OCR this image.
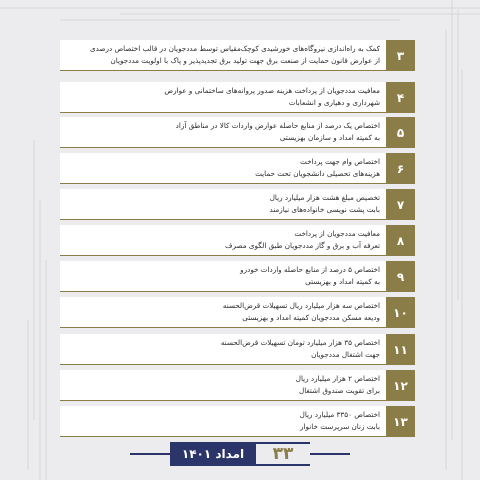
کمک به راه‌اندازی نیروگاه‌های خورشیدی کوچک‌مقیاس توسط مددجویان در قالب اختصاص درصدی
از عوارض قانون حمایت از صنعت برق جهت تولید برق تجدیدپذیر و پاک با اولویت مددجویان	۳
معافیت مددجویان از پرداخت هزینه صدور پروانه‌های ساختمانی و عوارض
شهرداری و دهیاری و انشعابات	۴
اختصاص یک درصد از منابع حاصله عوارض واردات کالا در مناطق آزاد
به کمیته امداد و سازمان بهزیستی	۵
اختصاص وام جهت پرداخت
هزینه‌های تحصیلی دانشجویان تحت حمایت	۶
تخصیص مبلغ هشت هزار میلیارد ریال
بابت پشت نویسی خانواده‌های نیازمند	۷
معافیت مددجویان از پرداخت
تعرفه آب و برق و گاز مددجویان طبق الگوی مصرف	۸
اختصاص ۵ درصد از منابع حاصله واردات خودرو
به کمیته امداد و بهزیستی	۹
اختصاص سه هزار میلیارد ریال تسهیلات قرض‌الحسنه
ودیعه مسکن مددجویان کمیته امداد و بهزیستی	۱۰
اختصاص ۳۵ هزار میلیارد تومان تسهیلات قرض‌الحسنه
جهت اشتغال مددجویان	۱۱
اختصاص ۲ هزار میلیارد ریال
برای تقویت صندوق اشتغال	۱۲
اختصاص ۳۳۵۰ میلیارد ریال
بابت زنان سرپرست خانوار	۱۳
امداد ۱۴۰۱	۳۳
